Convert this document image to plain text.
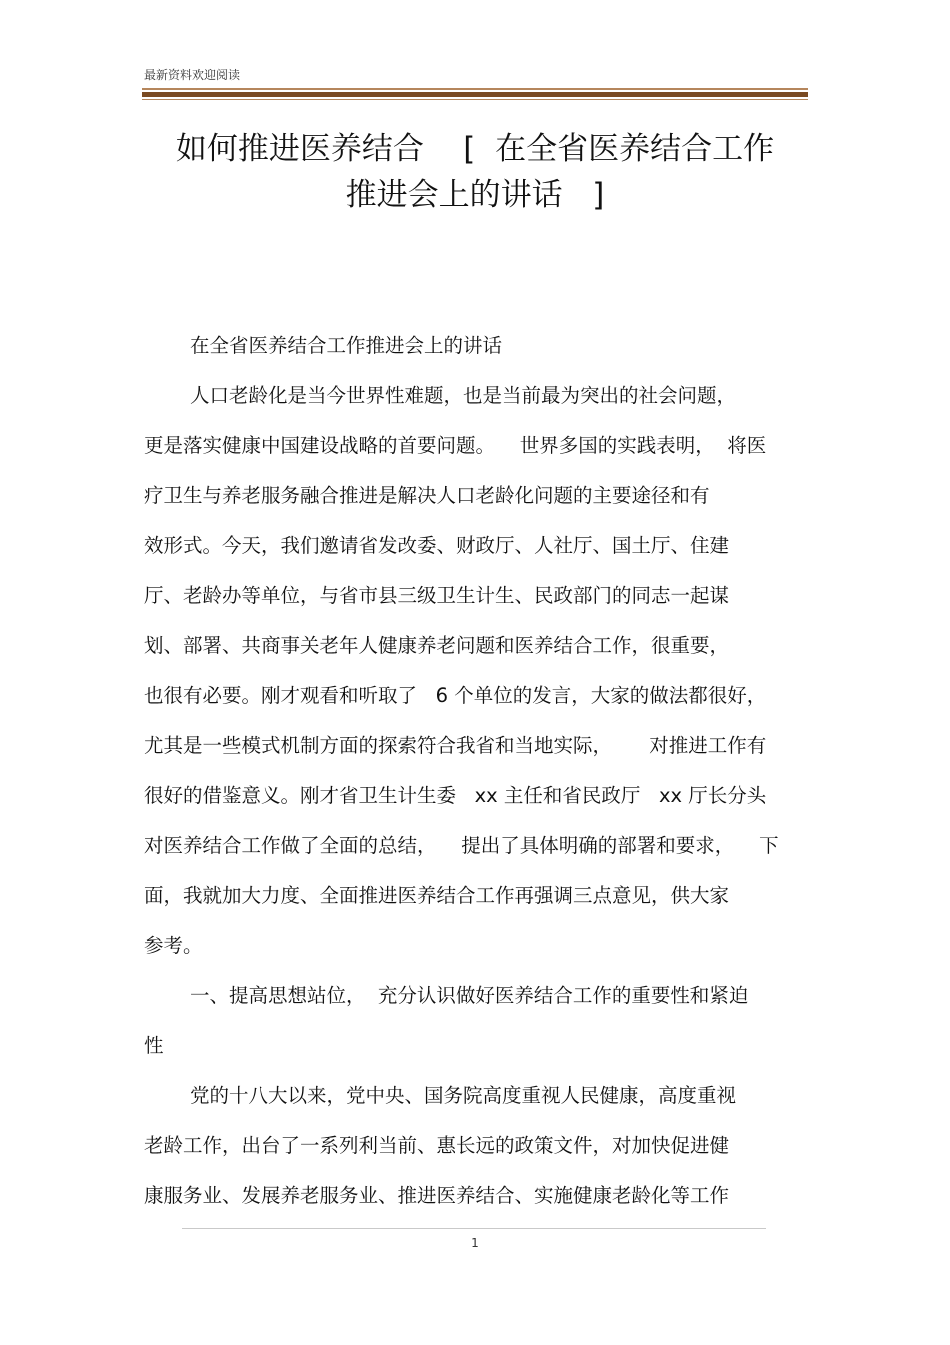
最新资料欢迎阅读
如何推进医养结合    [  在全省医养结合工作
推进会上的讲话   ]
在全省医养结合工作推进会上的讲话
人口老龄化是当今世界性难题，也是当前最为突出的社会问题，
更是落实健康中国建设战略的首要问题。    世界多国的实践表明，  将医
疗卫生与养老服务融合推进是解决人口老龄化问题的主要途径和有
效形式。今天，我们邀请省发改委、财政厅、人社厅、国土厅、住建
厅、老龄办等单位，与省市县三级卫生计生、民政部门的同志一起谋
划、部署、共商事关老年人健康养老问题和医养结合工作，很重要，
也很有必要。刚才观看和听取了   6 个单位的发言，大家的做法都很好，
尤其是一些模式机制方面的探索符合我省和当地实际，      对推进工作有
很好的借鉴意义。刚才省卫生计生委   xx 主任和省民政厅   xx 厅长分头
对医养结合工作做了全面的总结，    提出了具体明确的部署和要求，    下
面，我就加大力度、全面推进医养结合工作再强调三点意见，供大家
参考。
一、提高思想站位，  充分认识做好医养结合工作的重要性和紧迫
性
党的十八大以来，党中央、国务院高度重视人民健康，高度重视
老龄工作，出台了一系列利当前、惠长远的政策文件，对加快促进健
康服务业、发展养老服务业、推进医养结合、实施健康老龄化等工作
1
